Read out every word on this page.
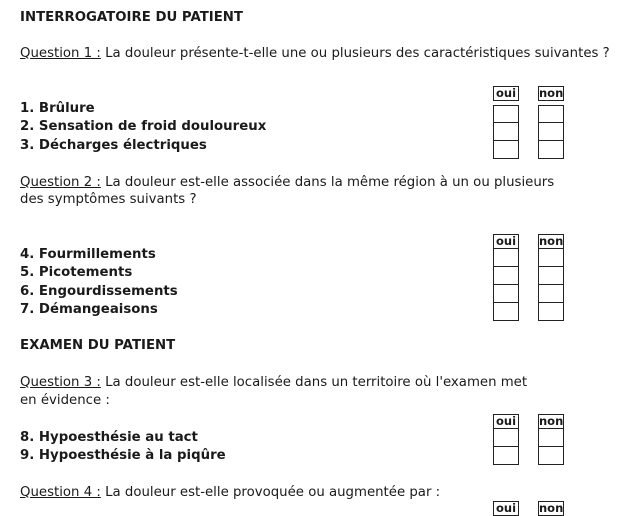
INTERROGATOIRE DU PATIENT
Question 1 : La douleur présente-t-elle une ou plusieurs des caractéristiques suivantes ?
1. Brûlure
2. Sensation de froid douloureux
3. Décharges électriques
oui non
Question 2 : La douleur est-elle associée dans la même région à un ou plusieurs
des symptômes suivants ?
4. Fourmillements
5. Picotements
6. Engourdissements
7. Démangeaisons
oui non
EXAMEN DU PATIENT
Question 3 : La douleur est-elle localisée dans un territoire où l'examen met
en évidence :
8. Hypoesthésie au tact
9. Hypoesthésie à la piqûre
oui non
Question 4 : La douleur est-elle provoquée ou augmentée par :
oui non
